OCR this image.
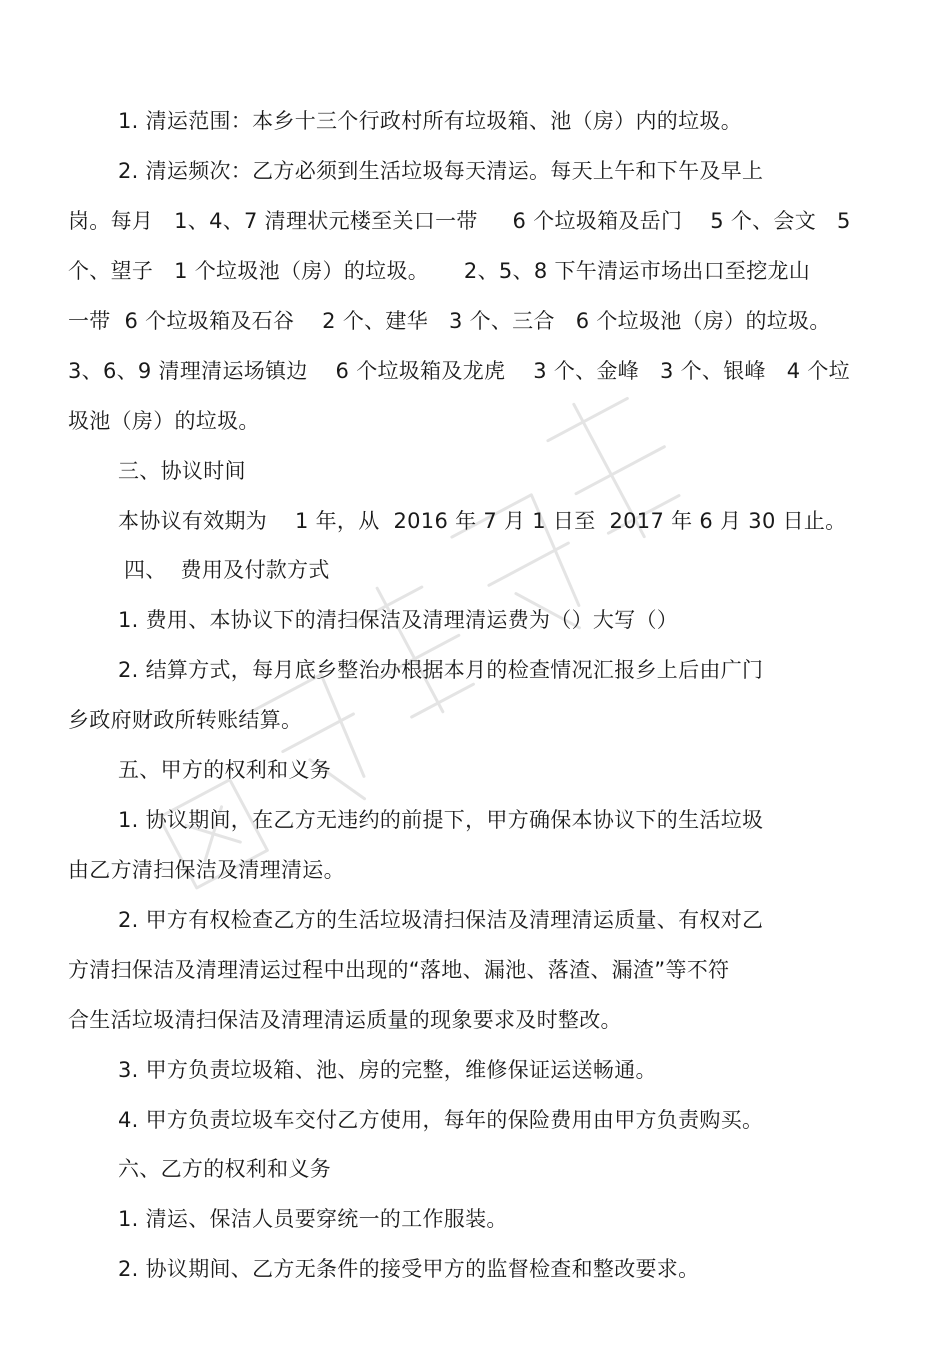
1. 清运范围：本乡十三个行政村所有垃圾箱、池（房）内的垃圾。
2. 清运频次：乙方必须到生活垃圾每天清运。每天上午和下午及早上
岗。每月   1、4、7 清理状元楼至关口一带     6 个垃圾箱及岳门    5 个、会文   5
个、望子   1 个垃圾池（房）的垃圾。     2、5、8 下午清运市场出口至挖龙山
一带  6 个垃圾箱及石谷    2 个、建华   3 个、三合   6 个垃圾池（房）的垃圾。
3、6、9 清理清运场镇边    6 个垃圾箱及龙虎    3 个、金峰   3 个、银峰   4 个垃
圾池（房）的垃圾。
三、协议时间
本协议有效期为    1 年，从  2016 年 7 月 1 日至  2017 年 6 月 30 日止。
四、  费用及付款方式
1. 费用、本协议下的清扫保洁及清理清运费为（）大写（）
2. 结算方式，每月底乡整治办根据本月的检查情况汇报乡上后由广门
乡政府财政所转账结算。
五、甲方的权利和义务
1. 协议期间，在乙方无违约的前提下，甲方确保本协议下的生活垃圾
由乙方清扫保洁及清理清运。
2. 甲方有权检查乙方的生活垃圾清扫保洁及清理清运质量、有权对乙
方清扫保洁及清理清运过程中出现的“落地、漏池、落渣、漏渣”等不符
合生活垃圾清扫保洁及清理清运质量的现象要求及时整改。
3. 甲方负责垃圾箱、池、房的完整，维修保证运送畅通。
4. 甲方负责垃圾车交付乙方使用，每年的保险费用由甲方负责购买。
六、乙方的权利和义务
1. 清运、保洁人员要穿统一的工作服装。
2. 协议期间、乙方无条件的接受甲方的监督检查和整改要求。
